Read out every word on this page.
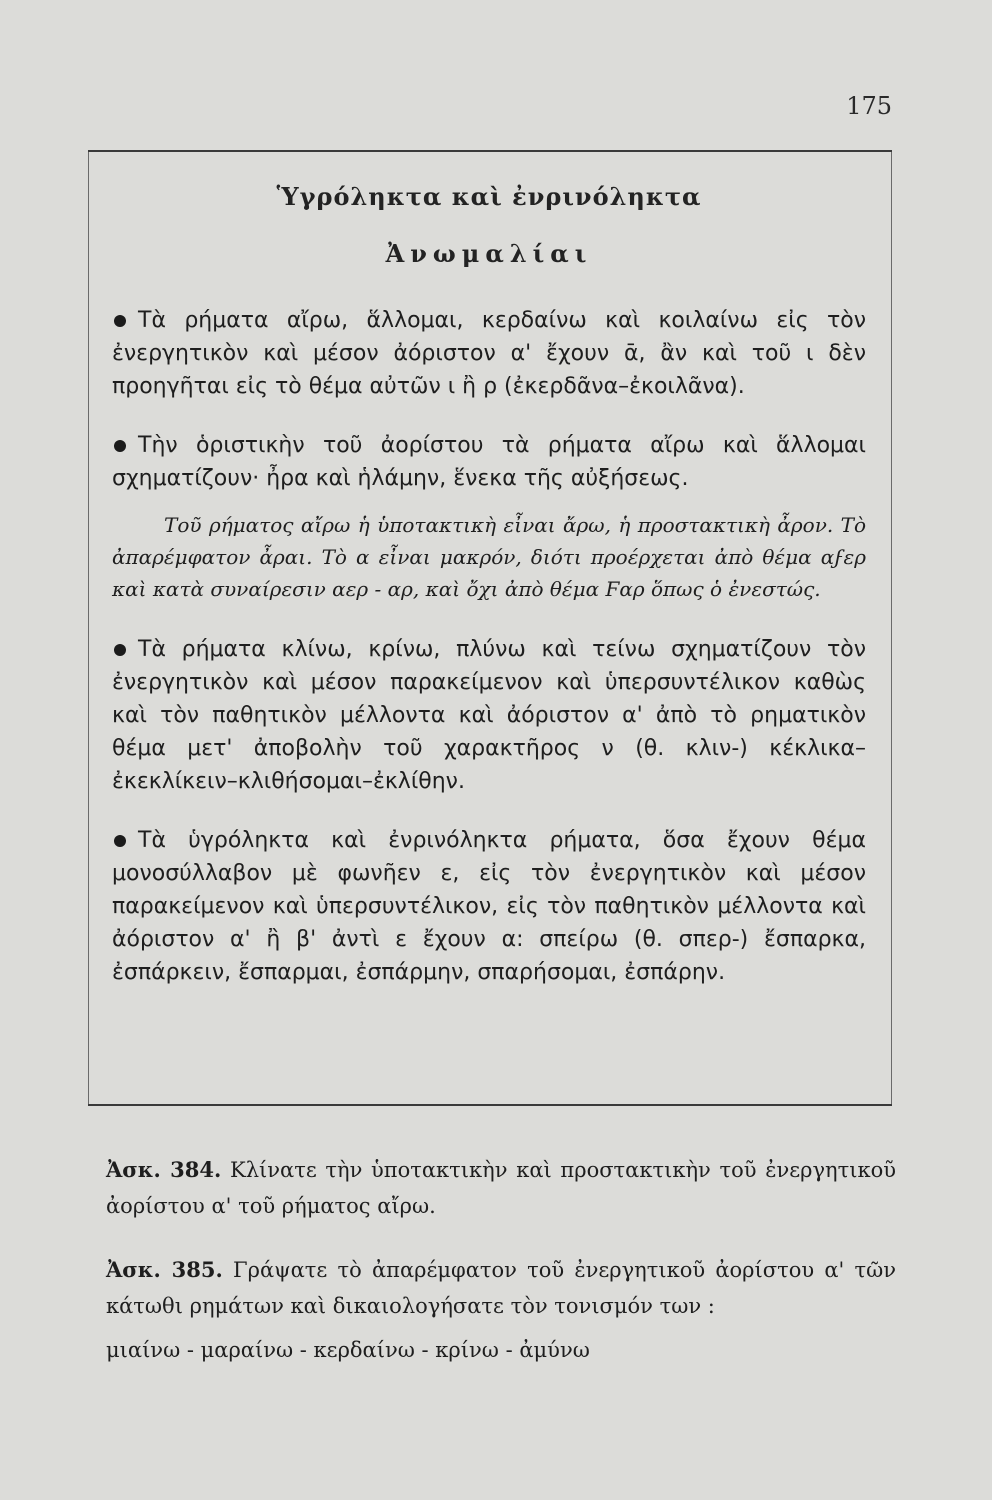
175
Ὑγρόληκτα καὶ ἐνρινόληκτα
Ἀνωμαλίαι

Τὰ ρήματα αἴρω, ἅλλομαι, κερδαίνω καὶ κοιλαίνω εἰς τὸν ἐνεργητικὸν καὶ μέσον ἀόριστον α' ἔχουν ᾱ, ἂν καὶ τοῦ ι δὲν προηγῆται εἰς τὸ θέμα αὐτῶν ι ἢ ρ (ἐκερδᾶνα–ἐκοιλᾶνα).

Τὴν ὁριστικὴν τοῦ ἀορίστου τὰ ρήματα αἴρω καὶ ἅλλομαι σχηματίζουν· ἦρα καὶ ἡλάμην, ἕνεκα τῆς αὐξήσεως.

Τοῦ ρήματος αἴρω ἡ ὑποτακτικὴ εἶναι ἄρω, ἡ προστακτικὴ ἆρον. Τὸ ἀπαρέμφατον ἆραι. Τὸ α εἶναι μακρόν, διότι προέρχεται ἀπὸ θέμα αϝερ καὶ κατὰ συναίρεσιν αερ - αρ, καὶ ὄχι ἀπὸ θέμα Ϝαρ ὅπως ὁ ἐνεστώς.

Τὰ ρήματα κλίνω, κρίνω, πλύνω καὶ τείνω σχηματίζουν τὸν ἐνεργητικὸν καὶ μέσον παρακείμενον καὶ ὑπερσυντέλικον καθὼς καὶ τὸν παθητικὸν μέλλοντα καὶ ἀόριστον α' ἀπὸ τὸ ρηματικὸν θέμα μετ' ἀποβολὴν τοῦ χαρακτῆρος ν (θ. κλιν-) κέκλικα–ἐκεκλίκειν–κλιθήσομαι–ἐκλίθην.

Τὰ ὑγρόληκτα καὶ ἐνρινόληκτα ρήματα, ὅσα ἔχουν θέμα μονοσύλλαβον μὲ φωνῆεν ε, εἰς τὸν ἐνεργητικὸν καὶ μέσον παρακείμενον καὶ ὑπερσυντέλικον, εἰς τὸν παθητικὸν μέλλοντα καὶ ἀόριστον α' ἢ β' ἀντὶ ε ἔχουν α: σπείρω (θ. σπερ-) ἔσπαρκα, ἐσπάρκειν, ἔσπαρμαι, ἐσπάρμην, σπαρήσομαι, ἐσπάρην.

Ἀσκ. 384. Κλίνατε τὴν ὑποτακτικὴν καὶ προστακτικὴν τοῦ ἐνεργητικοῦ ἀορίστου α' τοῦ ρήματος αἴρω.

Ἀσκ. 385. Γράψατε τὸ ἀπαρέμφατον τοῦ ἐνεργητικοῦ ἀορίστου α' τῶν κάτωθι ρημάτων καὶ δικαιολογήσατε τὸν τονισμόν των :

μιαίνω - μαραίνω - κερδαίνω - κρίνω - ἀμύνω
